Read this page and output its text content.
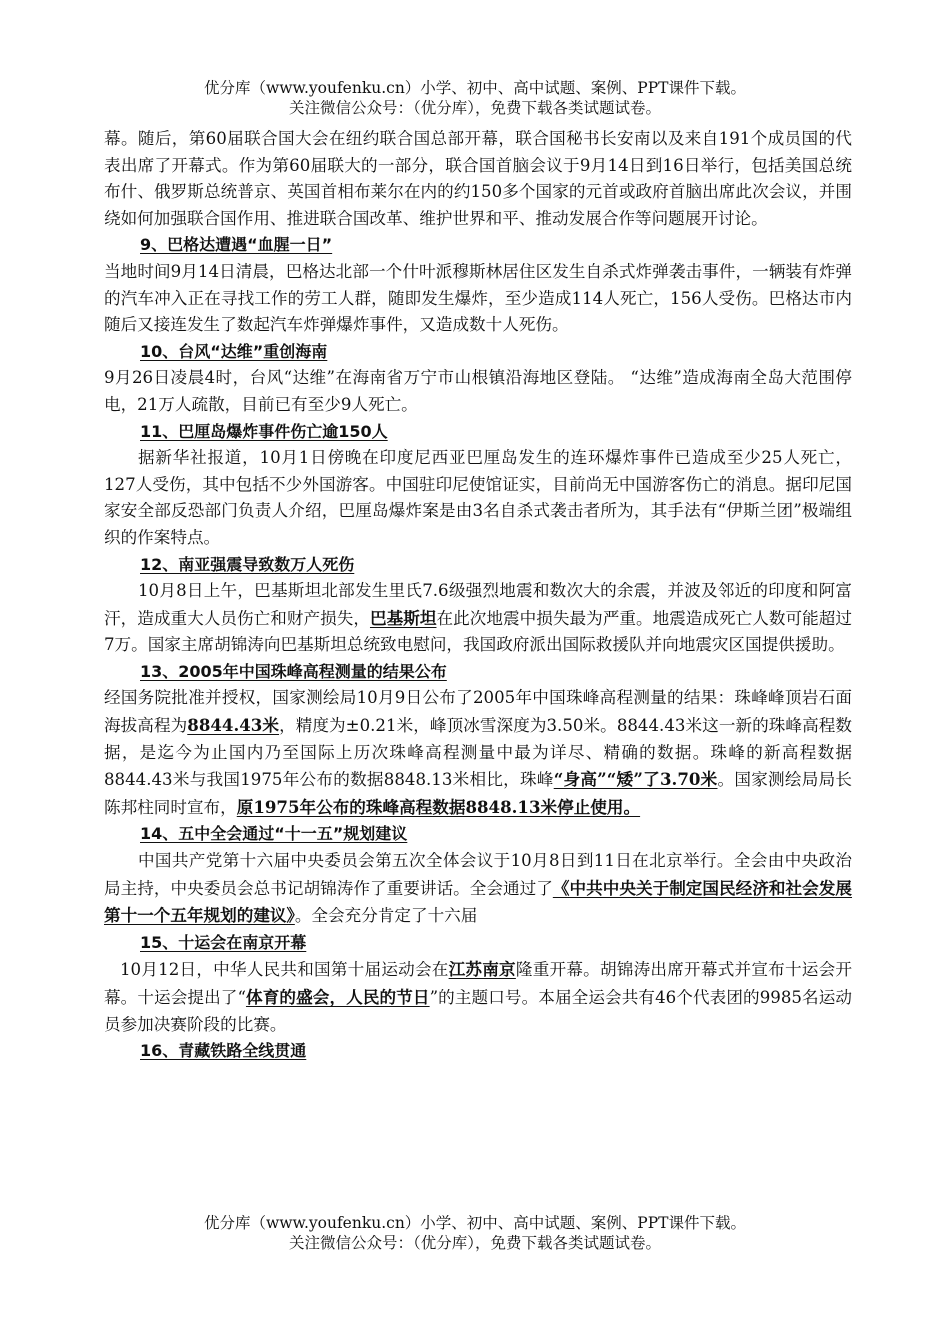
优分库（www.youfenku.cn）小学、初中、高中试题、案例、PPT课件下载。
关注微信公众号：（优分库），免费下载各类试题试卷。

幕。随后，第60届联合国大会在纽约联合国总部开幕，联合国秘书长安南以及来自191个成员国的代表出席了开幕式。作为第60届联大的一部分，联合国首脑会议于9月14日到16日举行，包括美国总统布什、俄罗斯总统普京、英国首相布莱尔在内的约150多个国家的元首或政府首脑出席此次会议，并围绕如何加强联合国作用、推进联合国改革、维护世界和平、推动发展合作等问题展开讨论。

9、巴格达遭遇“血腥一日”

当地时间9月14日清晨，巴格达北部一个什叶派穆斯林居住区发生自杀式炸弹袭击事件，一辆装有炸弹的汽车冲入正在寻找工作的劳工人群，随即发生爆炸，至少造成114人死亡，156人受伤。巴格达市内随后又接连发生了数起汽车炸弹爆炸事件，又造成数十人死伤。

10、台风“达维”重创海南

9月26日凌晨4时，台风“达维”在海南省万宁市山根镇沿海地区登陆。 “达维”造成海南全岛大范围停电，21万人疏散，目前已有至少9人死亡。

11、巴厘岛爆炸事件伤亡逾150人

据新华社报道，10月1日傍晚在印度尼西亚巴厘岛发生的连环爆炸事件已造成至少25人死亡，127人受伤，其中包括不少外国游客。中国驻印尼使馆证实，目前尚无中国游客伤亡的消息。据印尼国家安全部反恐部门负责人介绍，巴厘岛爆炸案是由3名自杀式袭击者所为，其手法有“伊斯兰团”极端组织的作案特点。

12、南亚强震导致数万人死伤

10月8日上午，巴基斯坦北部发生里氏7.6级强烈地震和数次大的余震，并波及邻近的印度和阿富汗，造成重大人员伤亡和财产损失，巴基斯坦在此次地震中损失最为严重。地震造成死亡人数可能超过7万。国家主席胡锦涛向巴基斯坦总统致电慰问，我国政府派出国际救援队并向地震灾区国提供援助。

13、2005年中国珠峰高程测量的结果公布

经国务院批准并授权，国家测绘局10月9日公布了2005年中国珠峰高程测量的结果：珠峰峰顶岩石面海拔高程为8844.43米，精度为±0.21米，峰顶冰雪深度为3.50米。8844.43米这一新的珠峰高程数据，是迄今为止国内乃至国际上历次珠峰高程测量中最为详尽、精确的数据。珠峰的新高程数据8844.43米与我国1975年公布的数据8848.13米相比，珠峰“身高”“矮”了3.70米。国家测绘局局长陈邦柱同时宣布，原1975年公布的珠峰高程数据8848.13米停止使用。

14、五中全会通过“十一五”规划建议

中国共产党第十六届中央委员会第五次全体会议于10月8日到11日在北京举行。全会由中央政治局主持，中央委员会总书记胡锦涛作了重要讲话。全会通过了《中共中央关于制定国民经济和社会发展第十一个五年规划的建议》。全会充分肯定了十六届

15、十运会在南京开幕

10月12日，中华人民共和国第十届运动会在江苏南京隆重开幕。胡锦涛出席开幕式并宣布十运会开幕。十运会提出了“体育的盛会，人民的节日”的主题口号。本届全运会共有46个代表团的9985名运动员参加决赛阶段的比赛。

16、青藏铁路全线贯通

优分库（www.youfenku.cn）小学、初中、高中试题、案例、PPT课件下载。
关注微信公众号：（优分库），免费下载各类试题试卷。
